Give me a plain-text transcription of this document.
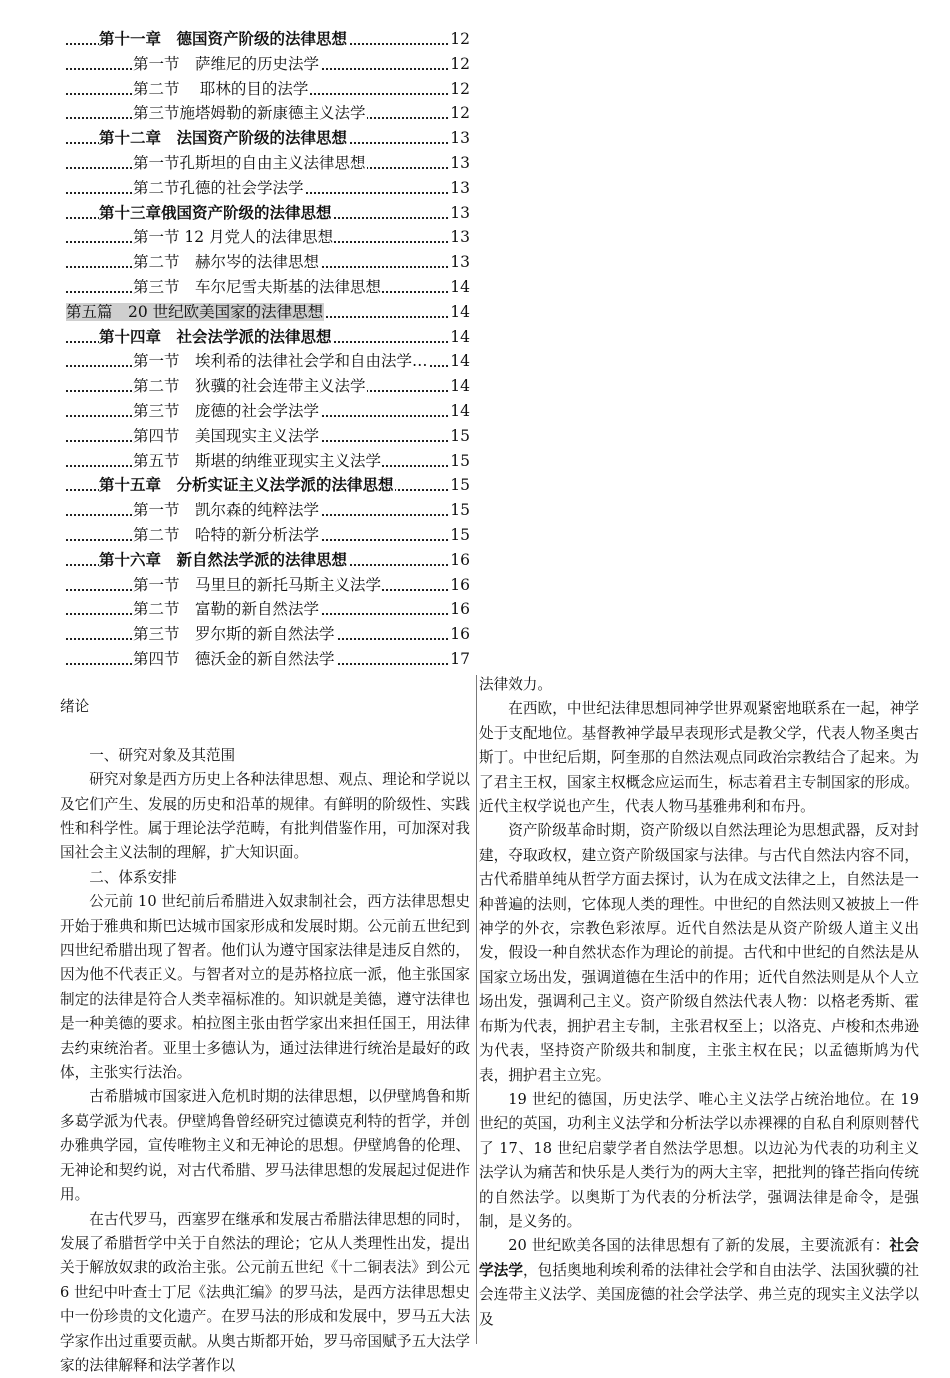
第十一章　德国资产阶级的法律思想	12
第一节　萨维尼的历史法学	12
第二节　 耶林的目的法学	12
第三节施塔姆勒的新康德主义法学	12
第十二章　法国资产阶级的法律思想	13
第一节孔斯坦的自由主义法律思想	13
第二节孔德的社会学法学	13
第十三章俄国资产阶级的法律思想	13
第一节 12 月党人的法律思想	13
第二节　赫尔岑的法律思想	13
第三节　车尔尼雪夫斯基的法律思想	14
第五篇　20 世纪欧美国家的法律思想	14
第十四章　社会法学派的法律思想	14
第一节　埃利希的法律社会学和自由法学… 14
第二节　狄骥的社会连带主义法学	14
第三节　庞德的社会学法学	14
第四节　美国现实主义法学	15
第五节　斯堪的纳维亚现实主义法学	15
第十五章　分析实证主义法学派的法律思想	15
第一节　凯尔森的纯粹法学	15
第二节　哈特的新分析法学	15
第十六章　新自然法学派的法律思想	16
第一节　马里旦的新托马斯主义法学	16
第二节　富勒的新自然法学	16
第三节　罗尔斯的新自然法学	16
第四节　德沃金的新自然法学	17

绪论

一、研究对象及其范围

研究对象是西方历史上各种法律思想、观点、理论和学说以及它们产生、发展的历史和沿革的规律。有鲜明的阶级性、实践性和科学性。属于理论法学范畴，有批判借鉴作用，可加深对我国社会主义法制的理解，扩大知识面。

二、体系安排

公元前 10 世纪前后希腊进入奴隶制社会，西方法律思想史开始于雅典和斯巴达城市国家形成和发展时期。公元前五世纪到四世纪希腊出现了智者。他们认为遵守国家法律是违反自然的，因为他不代表正义。与智者对立的是苏格拉底一派，他主张国家制定的法律是符合人类幸福标准的。知识就是美德，遵守法律也是一种美德的要求。柏拉图主张由哲学家出来担任国王，用法律去约束统治者。亚里士多德认为，通过法律进行统治是最好的政体，主张实行法治。

古希腊城市国家进入危机时期的法律思想，以伊壁鸠鲁和斯多葛学派为代表。伊壁鸠鲁曾经研究过德谟克利特的哲学，并创办雅典学园，宣传唯物主义和无神论的思想。伊壁鸠鲁的伦理、无神论和契约说，对古代希腊、罗马法律思想的发展起过促进作用。

在古代罗马，西塞罗在继承和发展古希腊法律思想的同时，发展了希腊哲学中关于自然法的理论；它从人类理性出发，提出关于解放奴隶的政治主张。公元前五世纪《十二铜表法》到公元 6 世纪中叶查士丁尼《法典汇编》的罗马法，是西方法律思想史中一份珍贵的文化遗产。在罗马法的形成和发展中，罗马五大法学家作出过重要贡献。从奥古斯都开始，罗马帝国赋予五大法学家的法律解释和法学著作以

法律效力。

在西欧，中世纪法律思想同神学世界观紧密地联系在一起，神学处于支配地位。基督教神学最早表现形式是教父学，代表人物圣奥古斯丁。中世纪后期，阿奎那的自然法观点同政治宗教结合了起来。为了君主王权，国家主权概念应运而生，标志着君主专制国家的形成。近代主权学说也产生，代表人物马基雅弗利和布丹。

资产阶级革命时期，资产阶级以自然法理论为思想武器，反对封建，夺取政权，建立资产阶级国家与法律。与古代自然法内容不同，古代希腊单纯从哲学方面去探讨，认为在成文法律之上，自然法是一种普遍的法则，它体现人类的理性。中世纪的自然法则又被披上一件神学的外衣，宗教色彩浓厚。近代自然法是从资产阶级人道主义出发，假设一种自然状态作为理论的前提。古代和中世纪的自然法是从国家立场出发，强调道德在生活中的作用；近代自然法则是从个人立场出发，强调利己主义。资产阶级自然法代表人物：以格老秀斯、霍布斯为代表，拥护君主专制，主张君权至上；以洛克、卢梭和杰弗逊为代表，坚持资产阶级共和制度，主张主权在民；以孟德斯鸠为代表，拥护君主立宪。

19 世纪的德国，历史法学、唯心主义法学占统治地位。在 19 世纪的英国，功利主义法学和分析法学以赤裸裸的自私自利原则替代了 17、18 世纪启蒙学者自然法学思想。以边沁为代表的功利主义法学认为痛苦和快乐是人类行为的两大主宰，把批判的锋芒指向传统的自然法学。以奥斯丁为代表的分析法学，强调法律是命令，是强制，是义务的。

20 世纪欧美各国的法律思想有了新的发展，主要流派有：社会学法学，包括奥地利埃利希的法律社会学和自由法学、法国狄骥的社会连带主义法学、美国庞德的社会学法学、弗兰克的现实主义法学以及
